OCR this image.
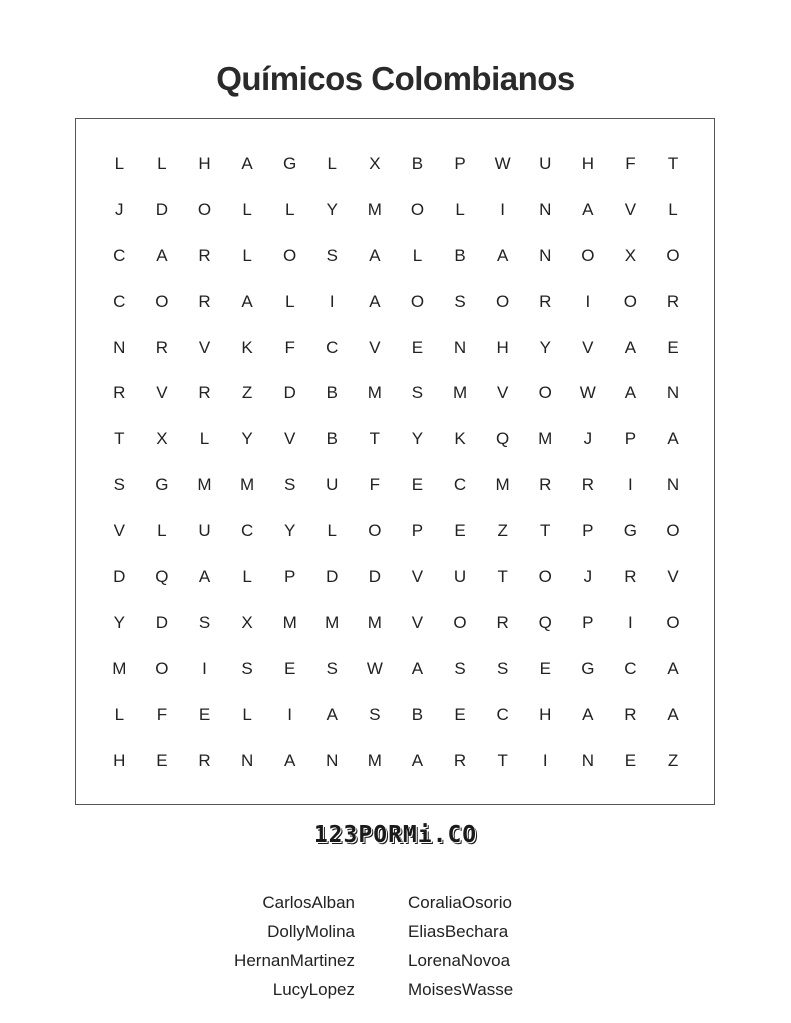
Químicos Colombianos
L	L	H	A	G	L	X	B	P	W	U	H	F	T
J	D	O	L	L	Y	M	O	L	I	N	A	V	L
C	A	R	L	O	S	A	L	B	A	N	O	X	O
C	O	R	A	L	I	A	O	S	O	R	I	O	R
N	R	V	K	F	C	V	E	N	H	Y	V	A	E
R	V	R	Z	D	B	M	S	M	V	O	W	A	N
T	X	L	Y	V	B	T	Y	K	Q	M	J	P	A
S	G	M	M	S	U	F	E	C	M	R	R	I	N
V	L	U	C	Y	L	O	P	E	Z	T	P	G	O
D	Q	A	L	P	D	D	V	U	T	O	J	R	V
Y	D	S	X	M	M	M	V	O	R	Q	P	I	O
M	O	I	S	E	S	W	A	S	S	E	G	C	A
L	F	E	L	I	A	S	B	E	C	H	A	R	A
H	E	R	N	A	N	M	A	R	T	I	N	E	Z
123PORMi.CO
CarlosAlban
DollyMolina
HernanMartinez
LucyLopez
CoraliaOsorio
EliasBechara
LorenaNovoa
MoisesWasse
